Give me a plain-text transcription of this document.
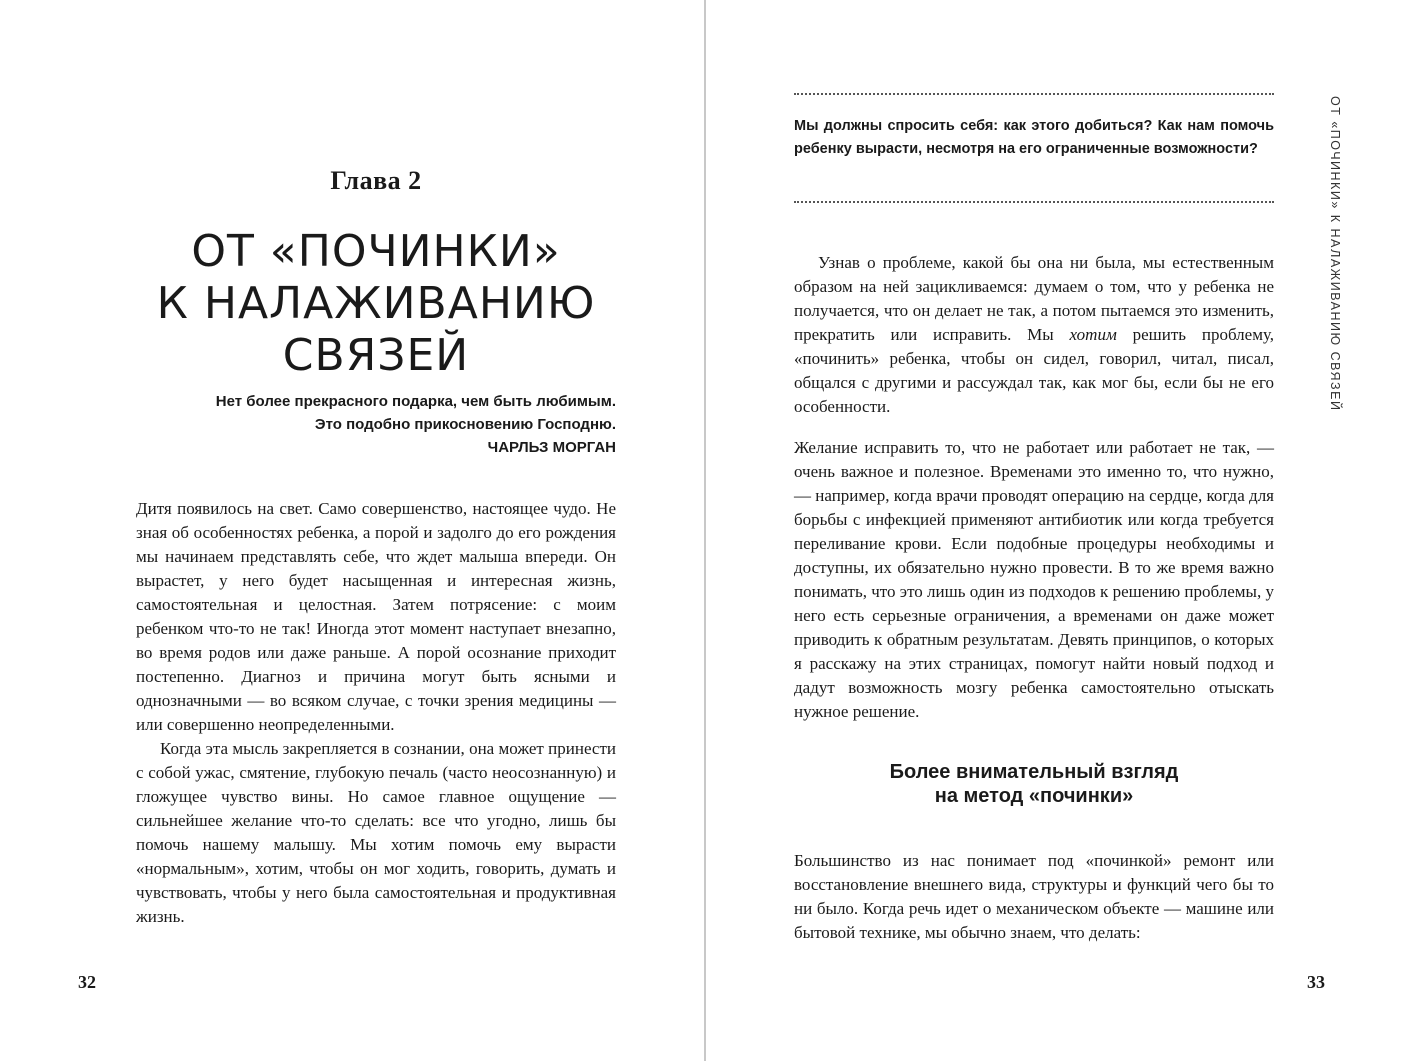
Глава 2
ОТ «ПОЧИНКИ»
К НАЛАЖИВАНИЮ
СВЯЗЕЙ
Нет более прекрасного подарка, чем быть любимым.
Это подобно прикосновению Господню.
ЧАРЛЬЗ МОРГАН

Дитя появилось на свет. Само совершенство, настоящее чудо. Не зная об особенностях ребенка, а порой и задолго до его рождения мы начинаем представлять себе, что ждет малыша впереди. Он вырастет, у него будет насыщенная и интересная жизнь, самостоятельная и целостная. Затем потрясение: с моим ребенком что-то не так! Иногда этот момент наступает внезапно, во время родов или даже раньше. А порой осознание приходит постепенно. Диагноз и причина могут быть ясными и однозначными — во всяком случае, с точки зрения медицины — или совершенно неопределенными.

Когда эта мысль закрепляется в сознании, она может принести с собой ужас, смятение, глубокую печаль (часто неосознанную) и гложущее чувство вины. Но самое главное ощущение — сильнейшее желание что-то сделать: все что угодно, лишь бы помочь нашему малышу. Мы хотим помочь ему вырасти «нормальным», хотим, чтобы он мог ходить, говорить, думать и чувствовать, чтобы у него была самостоятельная и продуктивная жизнь.

32
ОТ «ПОЧИНКИ» К НАЛАЖИВАНИЮ СВЯЗЕЙ
Мы должны спросить себя: как этого добиться? Как нам помочь ребенку вырасти, несмотря на его ограниченные возможности?

Узнав о проблеме, какой бы она ни была, мы естественным образом на ней зацикливаемся: думаем о том, что у ребенка не получается, что он делает не так, а потом пытаемся это изменить, прекратить или исправить. Мы хотим решить проблему, «починить» ребенка, чтобы он сидел, говорил, читал, писал, общался с другими и рассуждал так, как мог бы, если бы не его особенности.

Желание исправить то, что не работает или работает не так, — очень важное и полезное. Временами это именно то, что нужно, — например, когда врачи проводят операцию на сердце, когда для борьбы с инфекцией применяют антибиотик или когда требуется переливание крови. Если подобные процедуры необходимы и доступны, их обязательно нужно провести. В то же время важно понимать, что это лишь один из подходов к решению проблемы, у него есть серьезные ограничения, а временами он даже может приводить к обратным результатам. Девять принципов, о которых я расскажу на этих страницах, помогут найти новый подход и дадут возможность мозгу ребенка самостоятельно отыскать нужное решение.

Более внимательный взгляд
на метод «починки»

Большинство из нас понимает под «починкой» ремонт или восстановление внешнего вида, структуры и функций чего бы то ни было. Когда речь идет о механическом объекте — машине или бытовой технике, мы обычно знаем, что делать:

33
